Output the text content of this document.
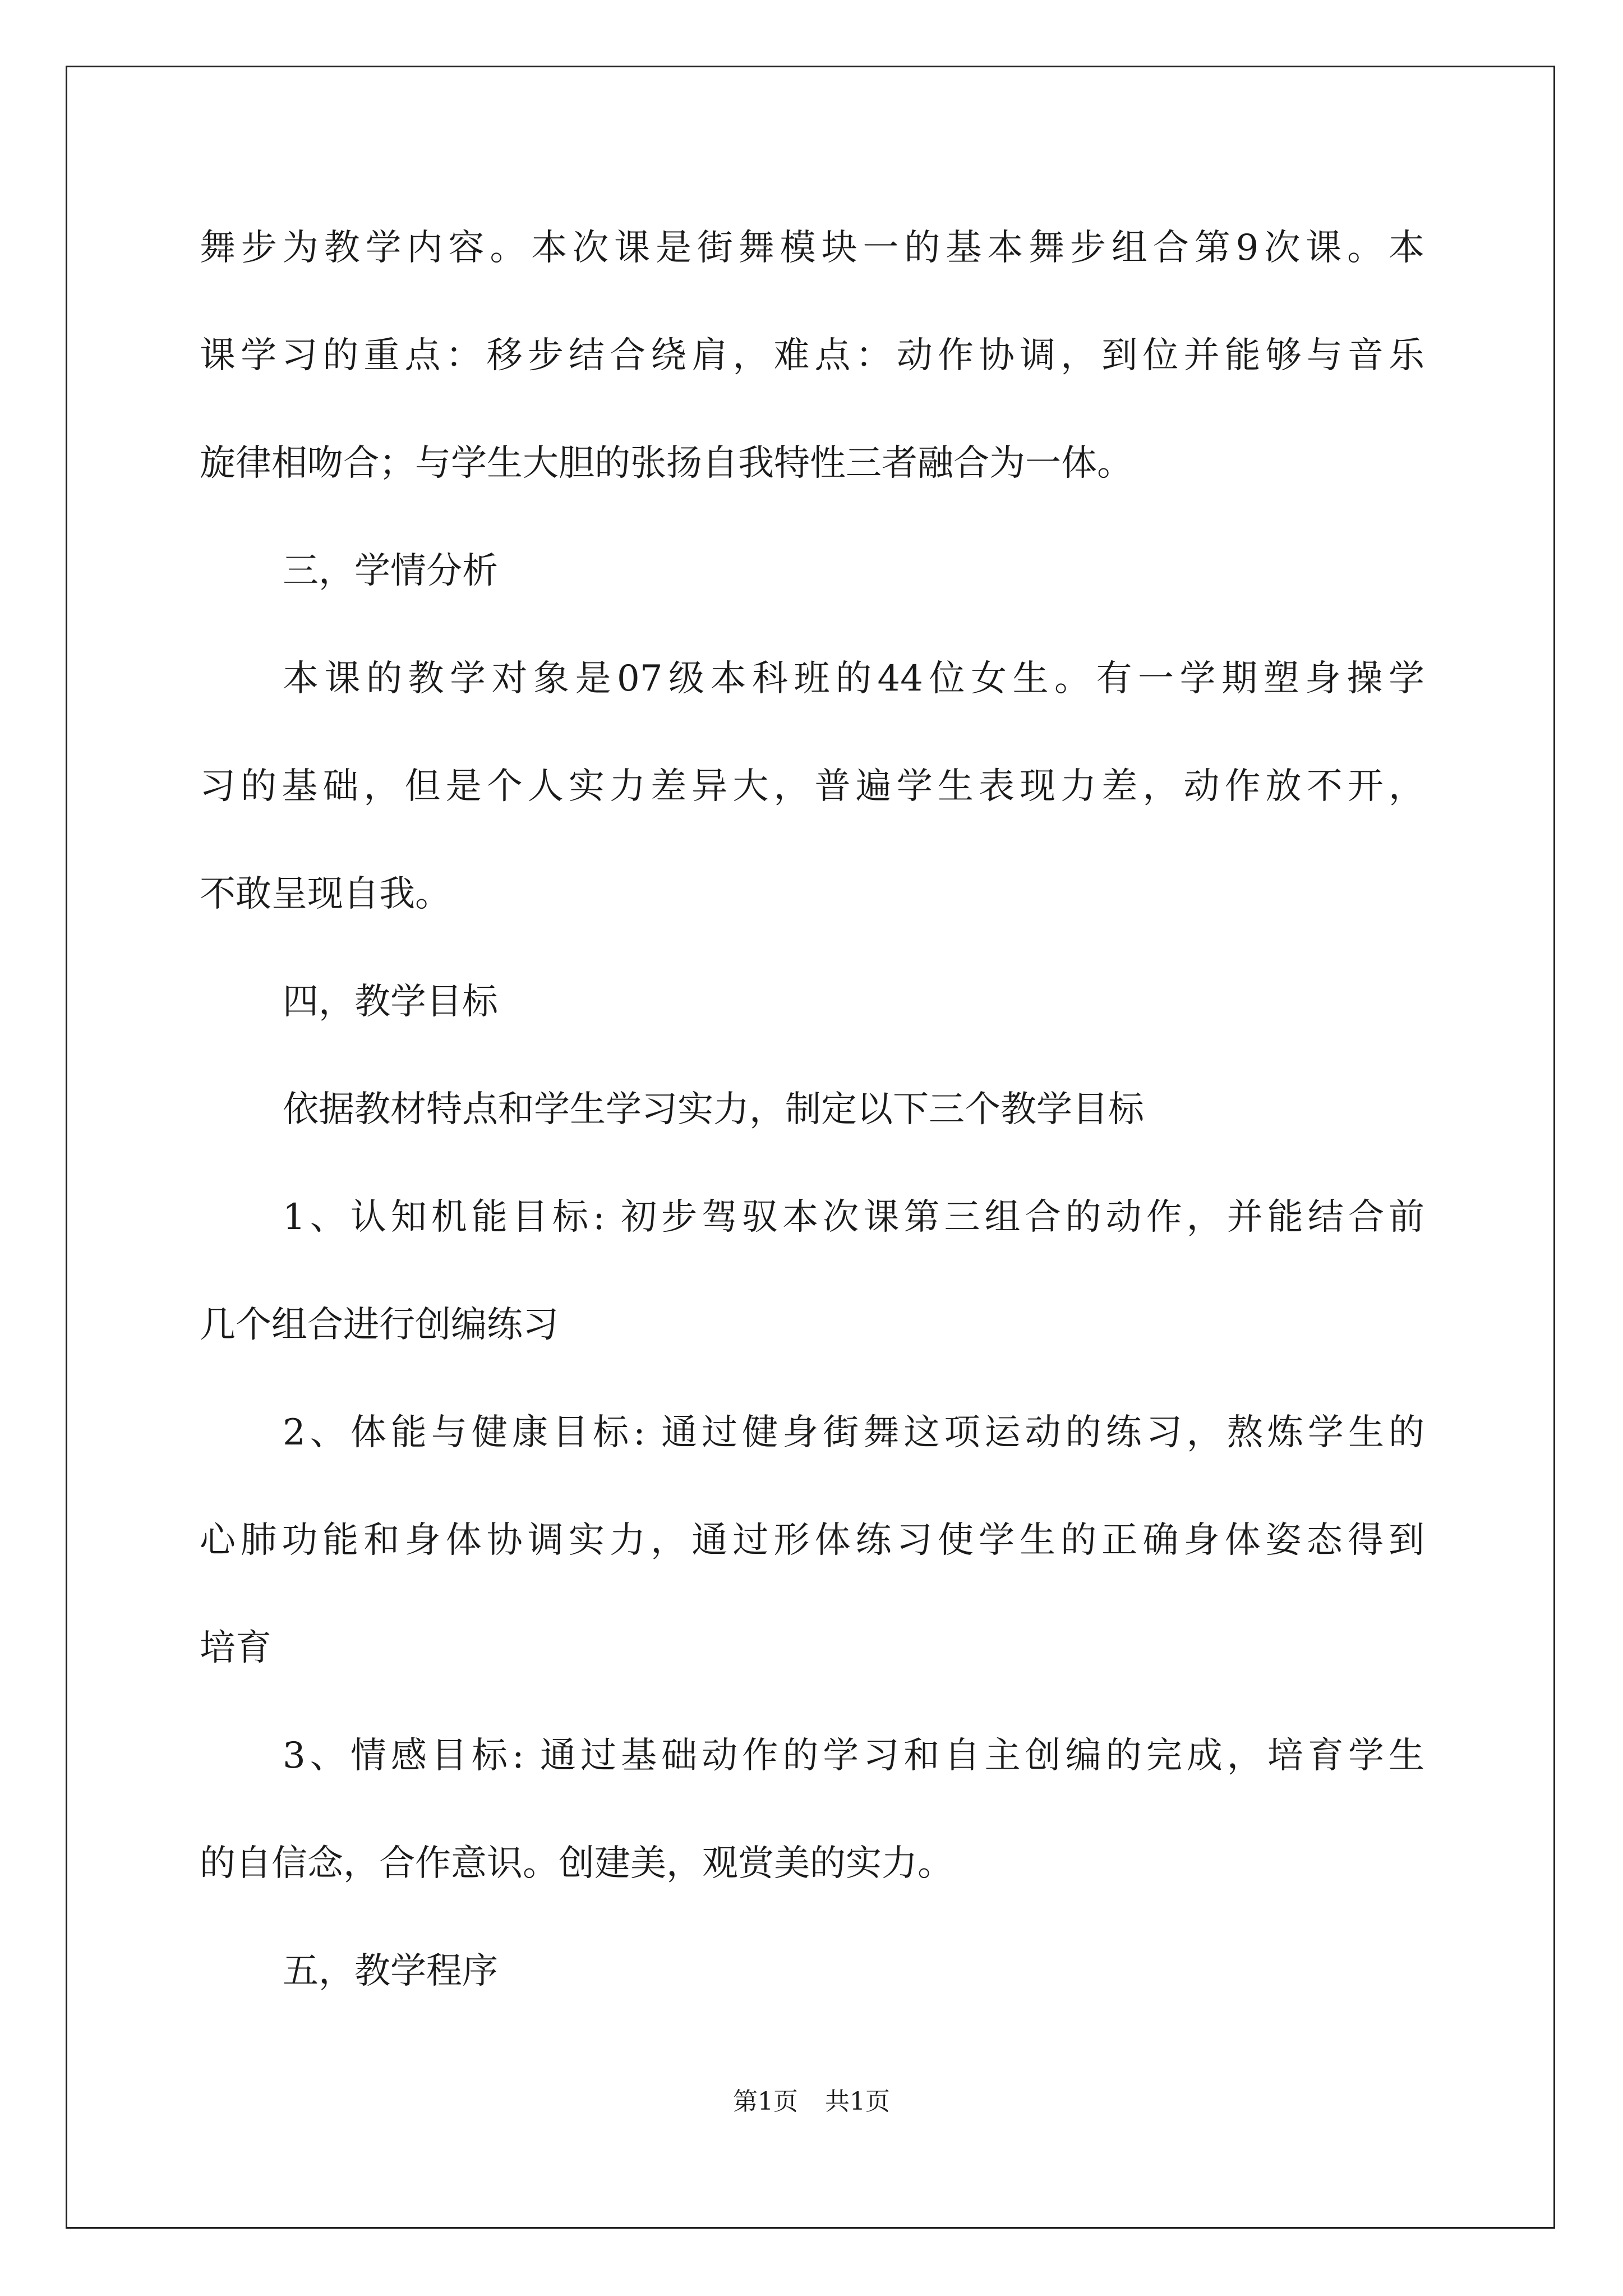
舞步为教学内容。本次课是街舞模块一的基本舞步组合第9次课。本
课学习的重点：移步结合绕肩，难点：动作协调，到位并能够与音乐
旋律相吻合；与学生大胆的张扬自我特性三者融合为一体。
三，学情分析
本课的教学对象是07级本科班的44位女生。有一学期塑身操学
习的基础，但是个人实力差异大，普遍学生表现力差，动作放不开，
不敢呈现自我。
四，教学目标
依据教材特点和学生学习实力，制定以下三个教学目标
1、认知机能目标: 初步驾驭本次课第三组合的动作，并能结合前
几个组合进行创编练习
2、体能与健康目标: 通过健身街舞这项运动的练习，熬炼学生的
心肺功能和身体协调实力，通过形体练习使学生的正确身体姿态得到
培育
3、情感目标: 通过基础动作的学习和自主创编的完成，培育学生
的自信念，合作意识。创建美，观赏美的实力。
五，教学程序
第1页 共1页
